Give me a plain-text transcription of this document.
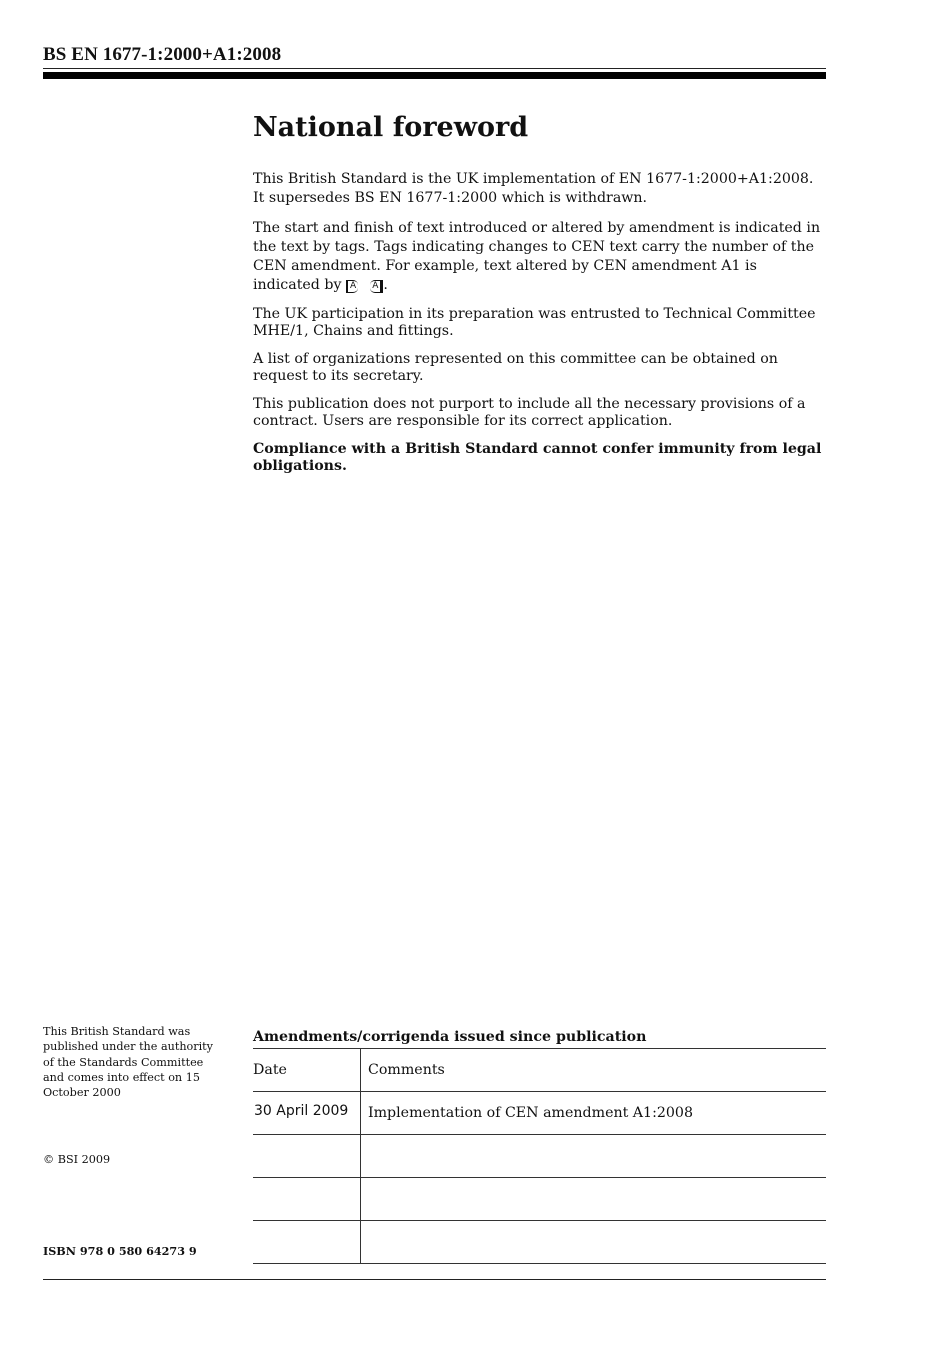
BS EN 1677-1:2000+A1:2008
National foreword

This British Standard is the UK implementation of EN 1677-1:2000+A1:2008.
It supersedes BS EN 1677-1:2000 which is withdrawn.

The start and finish of text introduced or altered by amendment is indicated in the text by tags. Tags indicating changes to CEN text carry the number of the CEN amendment. For example, text altered by CEN amendment A1 is indicated by A A .

The UK participation in its preparation was entrusted to Technical Committee MHE/1, Chains and fittings.

A list of organizations represented on this committee can be obtained on request to its secretary.

This publication does not purport to include all the necessary provisions of a contract. Users are responsible for its correct application.

Compliance with a British Standard cannot confer immunity from legal obligations.

This British Standard was published under the authority of the Standards Committee and comes into effect on 15 October 2000
© BSI 2009
ISBN 978 0 580 64273 9
Amendments/corrigenda issued since publication
Date	Comments
30 April 2009	Implementation of CEN amendment A1:2008
